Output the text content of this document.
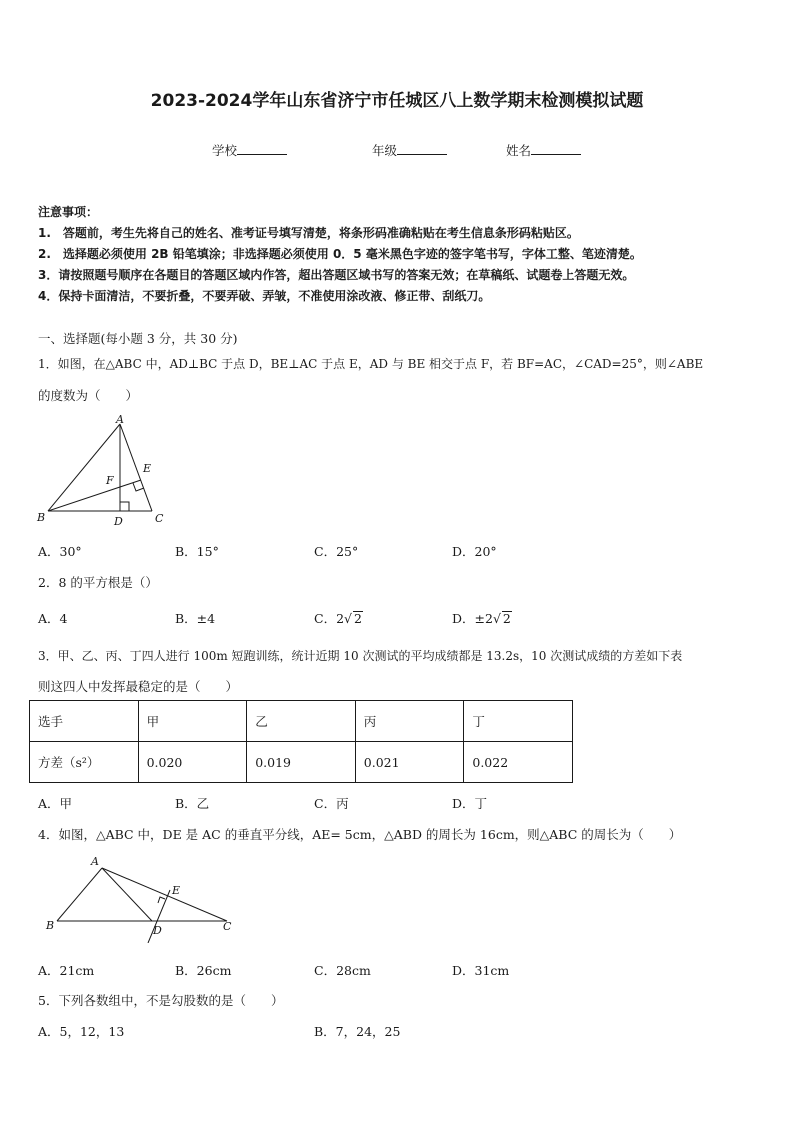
2023-2024学年山东省济宁市任城区八上数学期末检测模拟试题
学校	年级	姓名
注意事项：
1.　答题前，考生先将自己的姓名、准考证号填写清楚，将条形码准确粘贴在考生信息条形码粘贴区。
2.　选择题必须使用 2B 铅笔填涂；非选择题必须使用 0．5 毫米黑色字迹的签字笔书写，字体工整、笔迹清楚。
3．请按照题号顺序在各题目的答题区域内作答，超出答题区域书写的答案无效；在草稿纸、试题卷上答题无效。
4．保持卡面清洁，不要折叠，不要弄破、弄皱，不准使用涂改液、修正带、刮纸刀。
一、选择题(每小题 3 分，共 30 分)
1．如图，在△ABC 中，AD⊥BC 于点 D，BE⊥AC 于点 E，AD 与 BE 相交于点 F，若 BF=AC，∠CAD=25°，则∠ABE
的度数为（　　）
A
B	C
D
E
F
A．30°	B．15°	C．25°	D．20°
2．8 的平方根是（）
A．4	B．±4	C．2√ 2	D．±2√ 2
3．甲、乙、丙、丁四人进行 100m 短跑训练，统计近期 10 次测试的平均成绩都是 13.2s，10 次测试成绩的方差如下表
则这四人中发挥最稳定的是（　　）
选手	甲	乙	丙	丁
方差（s²）	0.020	0.019	0.021	0.022
A．甲	B．乙	C．丙	D．丁
4．如图，△ABC 中，DE 是 AC 的垂直平分线，AE= 5cm，△ABD 的周长为 16cm，则△ABC 的周长为（　　）
A
B	C
D
E
A．21cm	B．26cm	C．28cm	D．31cm
5．下列各数组中，不是勾股数的是（　　）
A．5，12，13	B．7，24，25
